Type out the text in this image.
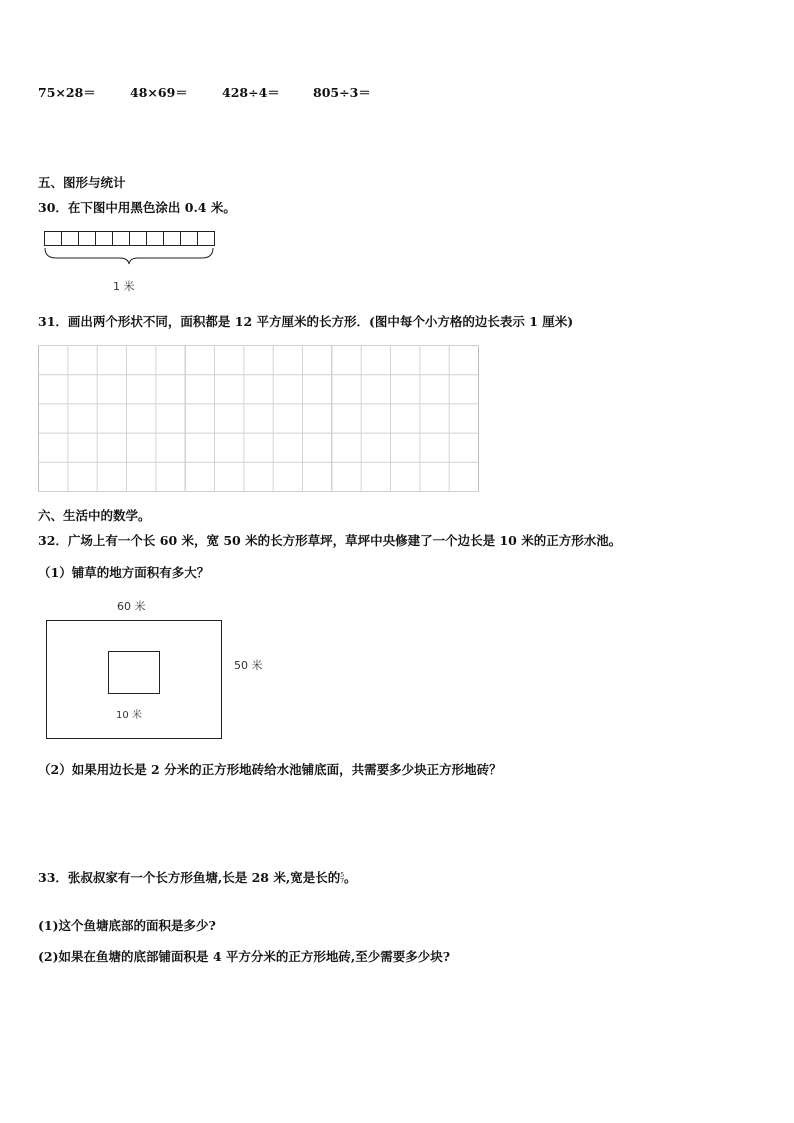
75×28＝	48×69＝	428÷4＝	805÷3＝
五、图形与统计
30．在下图中用黑色涂出 0.4 米。
1 米
31．画出两个形状不同，面积都是 12 平方厘米的长方形．(图中每个小方格的边长表示 1 厘米)
六、生活中的数学。
32．广场上有一个长 60 米，宽 50 米的长方形草坪，草坪中央修建了一个边长是 10 米的正方形水池。
（1）铺草的地方面积有多大？
60 米
50 米
10 米
（2）如果用边长是 2 分米的正方形地砖给水池铺底面，共需要多少块正方形地砖？
33．张叔叔家有一个长方形鱼塘,长是 28 米,宽是长的 5
7 。
(1)这个鱼塘底部的面积是多少?
(2)如果在鱼塘的底部铺面积是 4 平方分米的正方形地砖,至少需要多少块?
